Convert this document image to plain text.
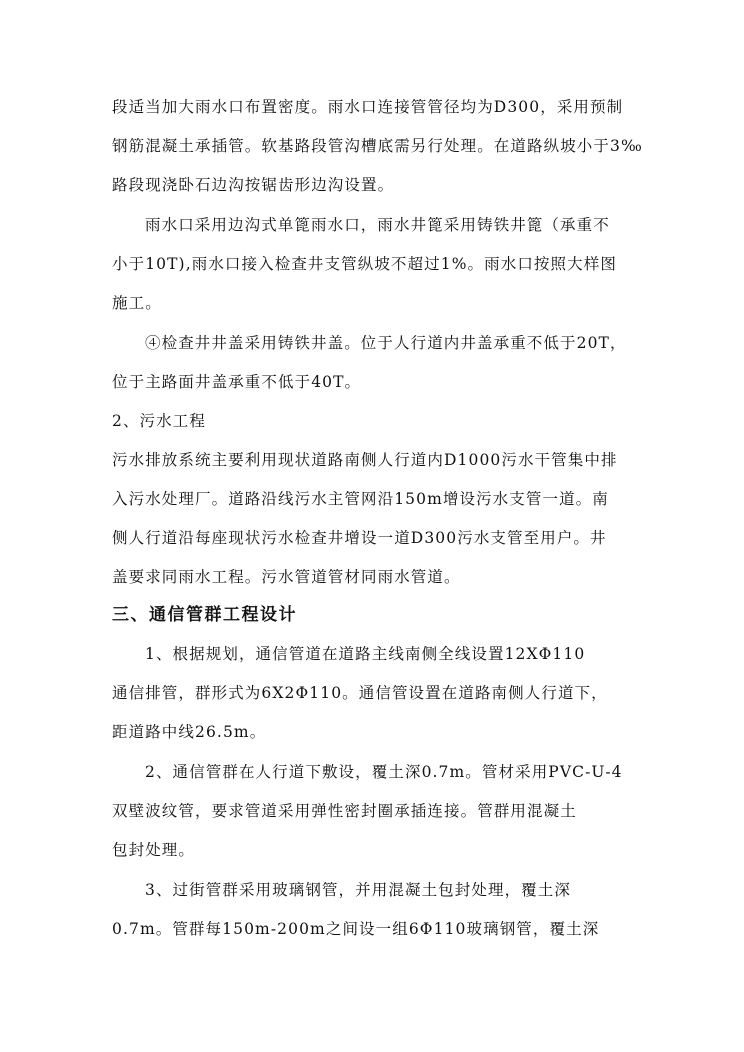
段适当加大雨水口布置密度。雨水口连接管管径均为D300，采用预制
钢筋混凝土承插管。软基路段管沟槽底需另行处理。在道路纵坡小于3‰
路段现浇卧石边沟按锯齿形边沟设置。
雨水口采用边沟式单篦雨水口，雨水井篦采用铸铁井篦（承重不
小于10T),雨水口接入检查井支管纵坡不超过1%。雨水口按照大样图
施工。
④检查井井盖采用铸铁井盖。位于人行道内井盖承重不低于20T，
位于主路面井盖承重不低于40T。
2、污水工程
污水排放系统主要利用现状道路南侧人行道内D1000污水干管集中排
入污水处理厂。道路沿线污水主管网沿150m增设污水支管一道。南
侧人行道沿每座现状污水检查井增设一道D300污水支管至用户。井
盖要求同雨水工程。污水管道管材同雨水管道。
三、通信管群工程设计
1、根据规划，通信管道在道路主线南侧全线设置12XΦ110
通信排管，群形式为6X2Φ110。通信管设置在道路南侧人行道下，
距道路中线26.5m。
2、通信管群在人行道下敷设，覆土深0.7m。管材采用PVC-U-4
双壁波纹管，要求管道采用弹性密封圈承插连接。管群用混凝土
包封处理。
3、过街管群采用玻璃钢管，并用混凝土包封处理，覆土深
0.7m。管群每150m-200m之间设一组6Φ110玻璃钢管，覆土深
